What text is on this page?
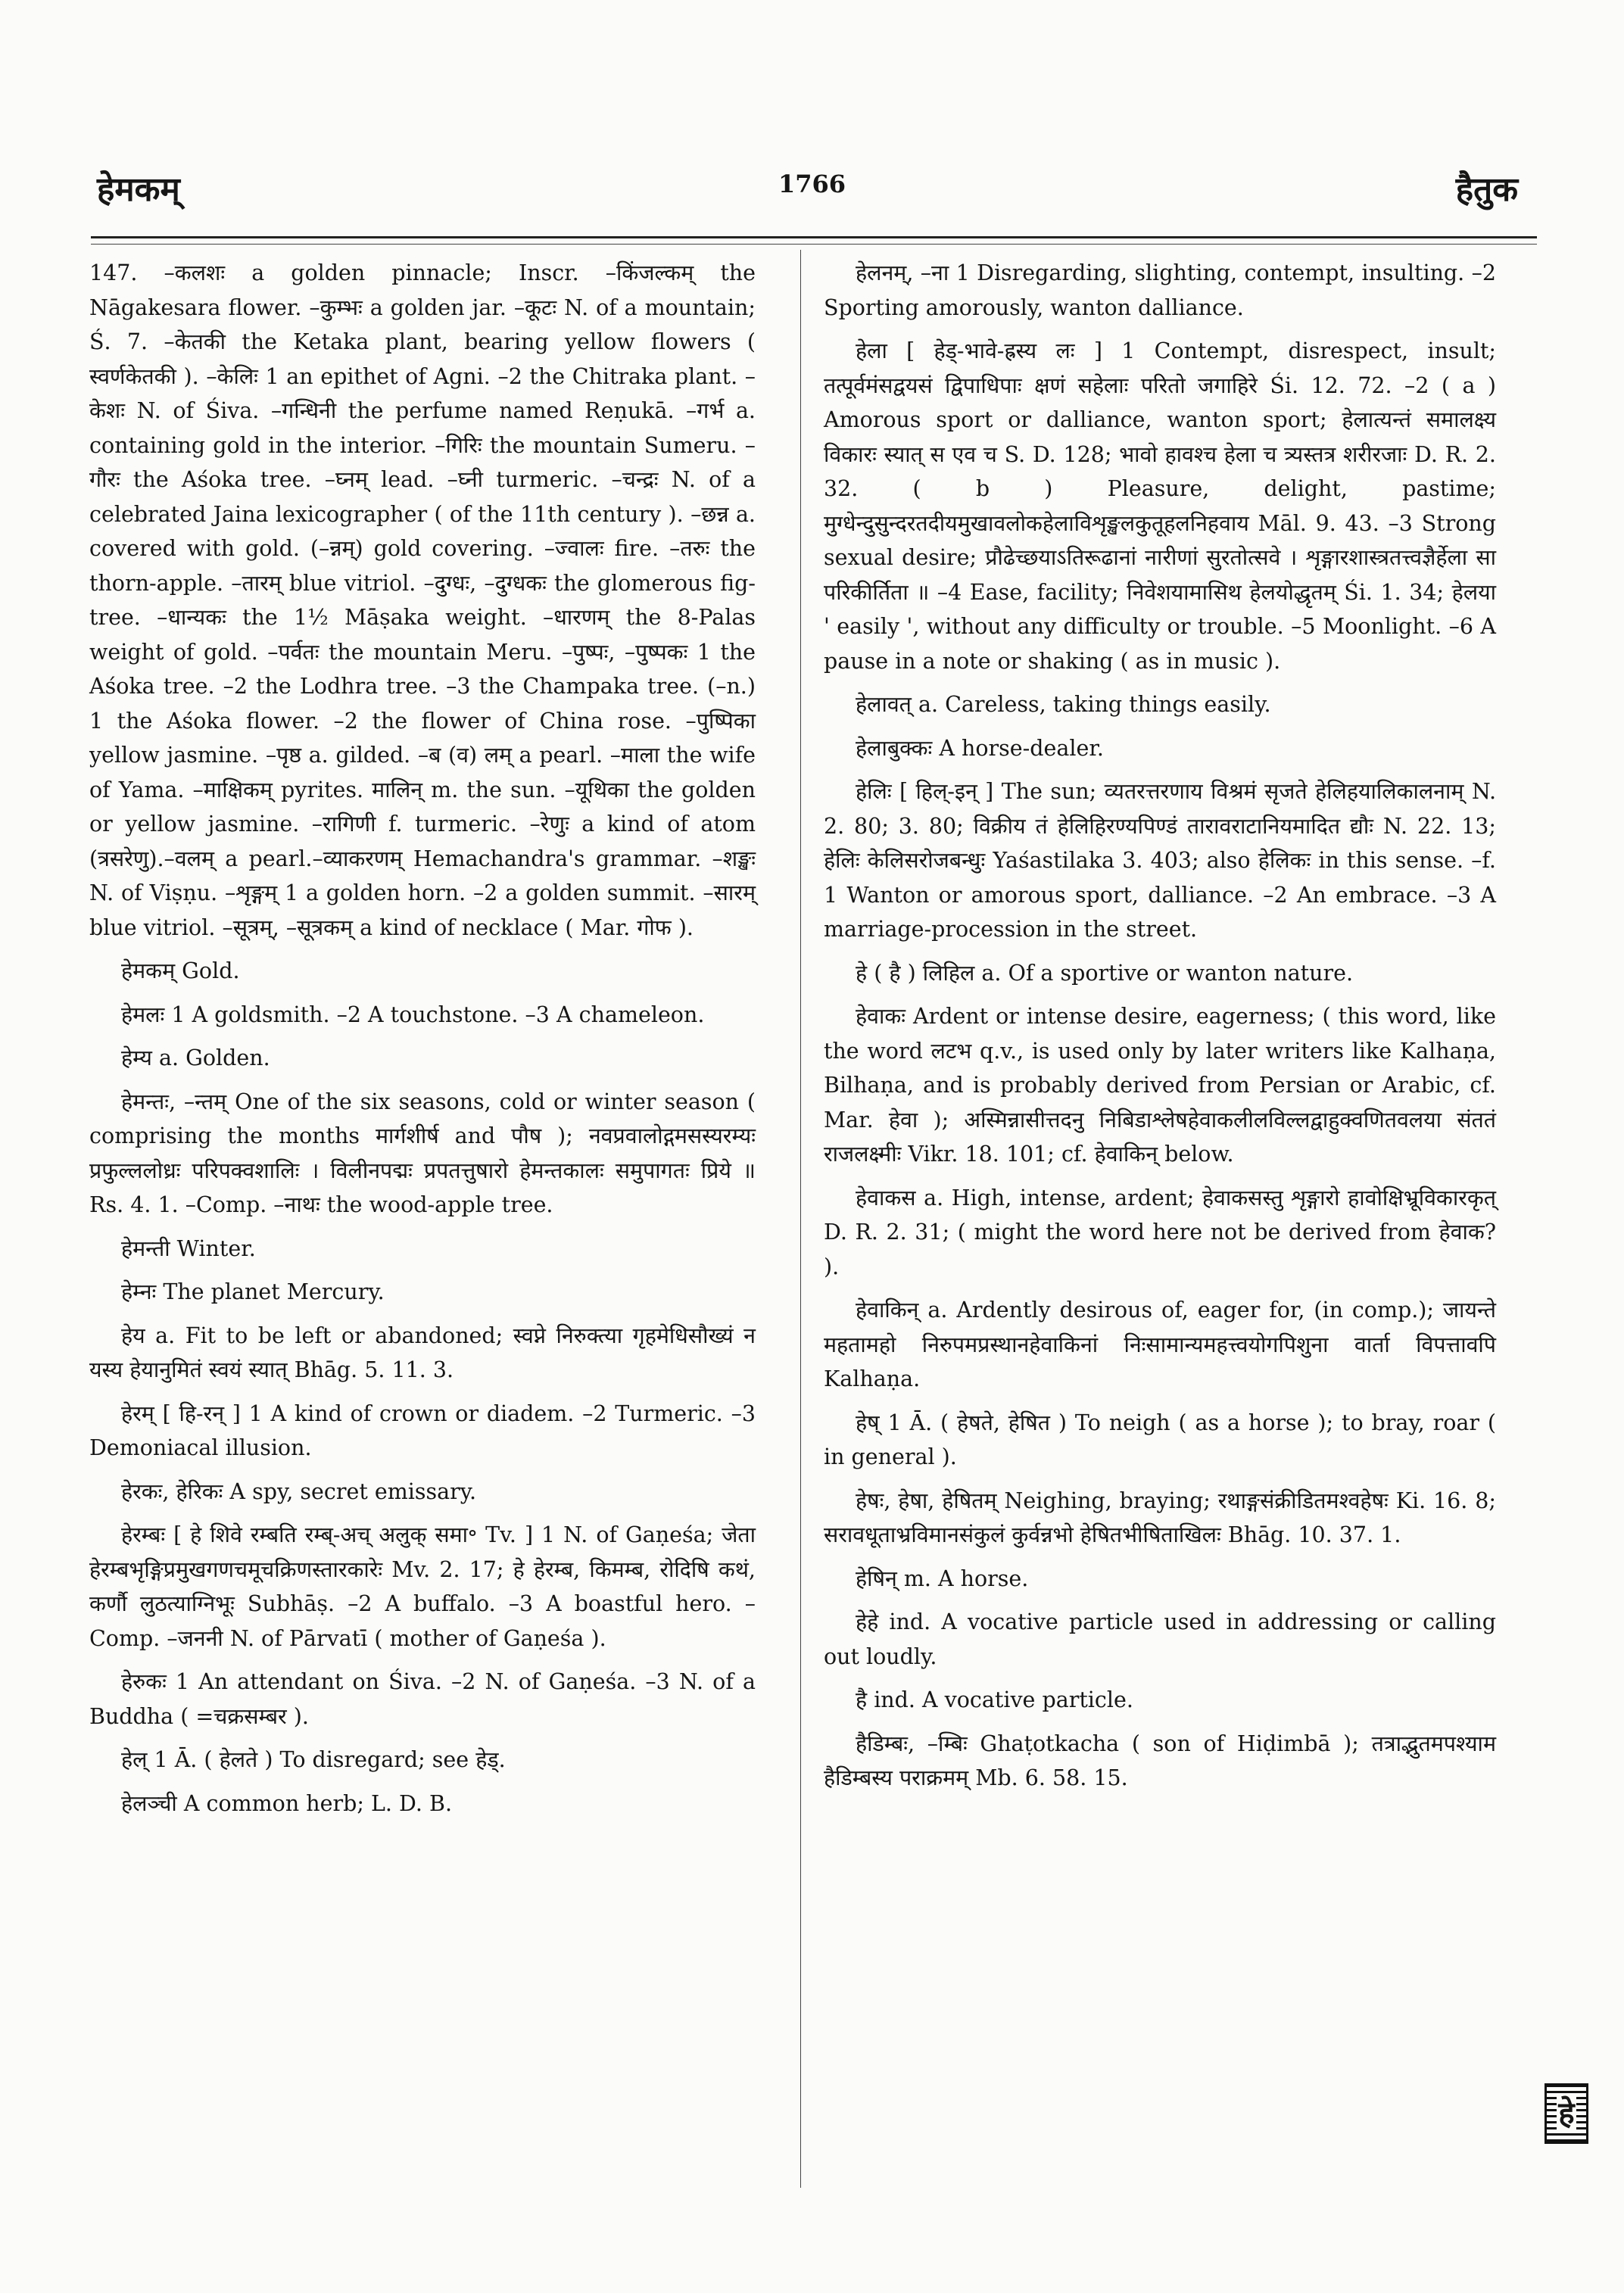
हेमकम्	1766	हैतुक

147. –कलशः a golden pinnacle; Inscr. –किंजल्कम् the Nāgakesara flower. –कुम्भः a golden jar. –कूटः N. of a mountain; Ś. 7. –केतकी the Ketaka plant, bearing yellow flowers ( स्वर्णकेतकी ). –केलिः 1 an epithet of Agni. –2 the Chitraka plant. –केशः N. of Śiva. –गन्धिनी the perfume named Reṇukā. –गर्भ a. containing gold in the interior. –गिरिः the mountain Sumeru. –गौरः the Aśoka tree. –घ्नम् lead. –घ्नी turmeric. –चन्द्रः N. of a celebrated Jaina lexicographer ( of the 11th century ). –छन्न a. covered with gold. (–न्नम्) gold covering. –ज्वालः fire. –तरुः the thorn-apple. –तारम् blue vitriol. –दुग्धः, –दुग्धकः the glomerous fig-tree. –धान्यकः the 1½ Māṣaka weight. –धारणम् the 8-Palas weight of gold. –पर्वतः the mountain Meru. –पुष्पः, –पुष्पकः 1 the Aśoka tree. –2 the Lodhra tree. –3 the Champaka tree. (–n.) 1 the Aśoka flower. –2 the flower of China rose. –पुष्पिका yellow jasmine. –पृष्ठ a. gilded. –ब (व) लम् a pearl. –माला the wife of Yama. –माक्षिकम् pyrites. मालिन् m. the sun. –यूथिका the golden or yellow jasmine. –रागिणी f. turmeric. –रेणुः a kind of atom (त्रसरेणु).–वलम् a pearl.–व्याकरणम् Hemachandra's grammar. –शङ्खः N. of Viṣṇu. –शृङ्गम् 1 a golden horn. –2 a golden summit. –सारम् blue vitriol. –सूत्रम्, –सूत्रकम् a kind of necklace ( Mar. गोफ ).

हेमकम् Gold.

हेमलः 1 A goldsmith. –2 A touchstone. –3 A chameleon.

हेम्य a. Golden.

हेमन्तः, –न्तम् One of the six seasons, cold or winter season ( comprising the months मार्गशीर्ष and पौष ); नवप्रवालोद्गमसस्यरम्यः प्रफुल्ललोध्रः परिपक्वशालिः । विलीनपद्मः प्रपतत्तुषारो हेमन्तकालः समुपागतः प्रिये ॥ Rs. 4. 1. –Comp. –नाथः the wood-apple tree.

हेमन्ती Winter.

हेम्नः The planet Mercury.

हेय a. Fit to be left or abandoned; स्वप्ने निरुक्त्या गृहमेधिसौख्यं न यस्य हेयानुमितं स्वयं स्यात् Bhāg. 5. 11. 3.

हेरम् [ हि-रन् ] 1 A kind of crown or diadem. –2 Turmeric. –3 Demoniacal illusion.

हेरकः, हेरिकः A spy, secret emissary.

हेरम्बः [ हे शिवे रम्बति रम्ब्-अच् अलुक् समा॰ Tv. ] 1 N. of Gaṇeśa; जेता हेरम्बभृङ्गिप्रमुखगणचमूचक्रिणस्तारकारेः Mv. 2. 17; हे हेरम्ब, किमम्ब, रोदिषि कथं, कर्णौ लुठत्याग्निभूः Subhāṣ. –2 A buffalo. –3 A boastful hero. –Comp. –जननी N. of Pārvatī ( mother of Gaṇeśa ).

हेरुकः 1 An attendant on Śiva. –2 N. of Gaṇeśa. –3 N. of a Buddha ( =चक्रसम्बर ).

हेल् 1 Ā. ( हेलते ) To disregard; see हेड्.

हेलञ्ची A common herb; L. D. B.

हेलनम्, –ना 1 Disregarding, slighting, contempt, insulting. –2 Sporting amorously, wanton dalliance.

हेला [ हेड्-भावे-ह्रस्य लः ] 1 Contempt, disrespect, insult; तत्पूर्वमंसद्वयसं द्विपाधिपाः क्षणं सहेलाः परितो जगाहिरे Śi. 12. 72. –2 ( a ) Amorous sport or dalliance, wanton sport; हेलात्यन्तं समालक्ष्य विकारः स्यात् स एव च S. D. 128; भावो हावश्च हेला च त्र्यस्तत्र शरीरजाः D. R. 2. 32. ( b ) Pleasure, delight, pastime; मुग्धेन्दुसुन्दरतदीयमुखावलोकहेलाविशृङ्खलकुतूहलनिहवाय Māl. 9. 43. –3 Strong sexual desire; प्रौढेच्छयाऽतिरूढानां नारीणां सुरतोत्सवे । शृङ्गारशास्त्रतत्त्वज्ञैर्हेला सा परिकीर्तिता ॥ –4 Ease, facility; निवेशयामासिथ हेलयोद्धृतम् Śi. 1. 34; हेलया ' easily ', without any difficulty or trouble. –5 Moonlight. –6 A pause in a note or shaking ( as in music ).

हेलावत् a. Careless, taking things easily.

हेलाबुक्कः A horse-dealer.

हेलिः [ हिल्-इन् ] The sun; व्यतरत्तरणाय विश्रमं सृजते हेलिहयालिकालनाम् N. 2. 80; 3. 80; विक्रीय तं हेलिहिरण्यपिण्डं तारावराटानियमादित द्यौः N. 22. 13; हेलिः केलिसरोजबन्धुः Yaśastilaka 3. 403; also हेलिकः in this sense. –f. 1 Wanton or amorous sport, dalliance. –2 An embrace. –3 A marriage-procession in the street.

हे ( है ) लिहिल a. Of a sportive or wanton nature.

हेवाकः Ardent or intense desire, eagerness; ( this word, like the word लटभ q.v., is used only by later writers like Kalhaṇa, Bilhaṇa, and is probably derived from Persian or Arabic, cf. Mar. हेवा ); अस्मिन्नासीत्तदनु निबिडाश्लेषहेवाकलीलविल्लद्वाहुक्वणितवलया संततं राजलक्ष्मीः Vikr. 18. 101; cf. हेवाकिन् below.

हेवाकस a. High, intense, ardent; हेवाकसस्तु शृङ्गारो हावोक्षिभ्रूविकारकृत् D. R. 2. 31; ( might the word here not be derived from हेवाक? ).

हेवाकिन् a. Ardently desirous of, eager for, (in comp.); जायन्ते महतामहो निरुपमप्रस्थानहेवाकिनां निःसामान्यमहत्त्वयोगपिशुना वार्ता विपत्तावपि Kalhaṇa.

हेष् 1 Ā. ( हेषते, हेषित ) To neigh ( as a horse ); to bray, roar ( in general ).

हेषः, हेषा, हेषितम् Neighing, braying; रथाङ्गसंक्रीडितमश्वहेषः Ki. 16. 8; सरावधूताभ्रविमानसंकुलं कुर्वन्नभो हेषितभीषिताखिलः Bhāg. 10. 37. 1.

हेषिन् m. A horse.

हेहे ind. A vocative particle used in addressing or calling out loudly.

है ind. A vocative particle.

हैडिम्बः, –म्बिः Ghaṭotkacha ( son of Hiḍimbā ); तत्राद्भुतमपश्याम हैडिम्बस्य पराक्रमम् Mb. 6. 58. 15.

हे
